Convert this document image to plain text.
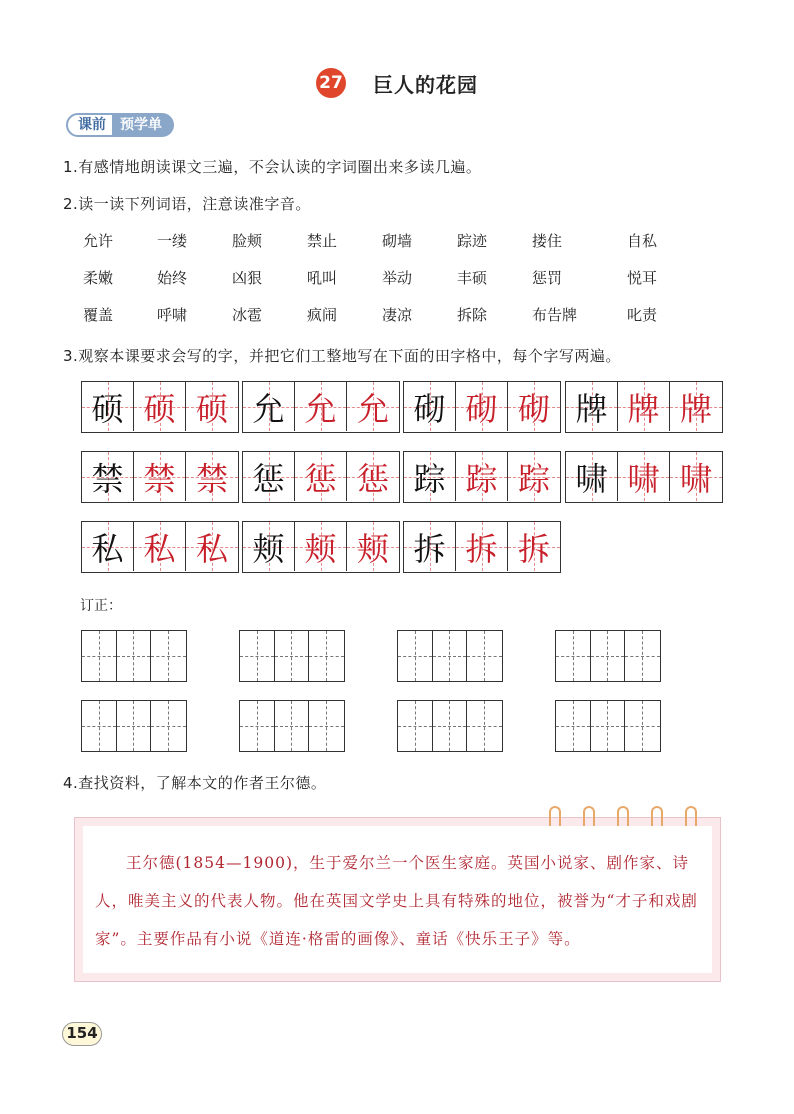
27 巨人的花园
课前	预学单
1.有感情地朗读课文三遍，不会认读的字词圈出来多读几遍。
2.读一读下列词语，注意读准字音。
允许	一缕	脸颊	禁止	砌墙	踪迹	搂住	自私
柔嫩	始终	凶狠	吼叫	举动	丰硕	惩罚	悦耳
覆盖	呼啸	冰雹	疯闹	凄凉	拆除	布告牌	叱责
3.观察本课要求会写的字，并把它们工整地写在下面的田字格中，每个字写两遍。
硕 硕 硕 允 允 允 砌 砌 砌 牌 牌 牌
禁 禁 禁 惩 惩 惩 踪 踪 踪 啸 啸 啸
私 私 私 颊 颊 颊 拆 拆 拆
订正：
4.查找资料，了解本文的作者王尔德。
王尔德(1854—1900)，生于爱尔兰一个医生家庭。英国小说家、剧作家、诗人，唯美主义的代表人物。他在英国文学史上具有特殊的地位，被誉为“才子和戏剧家”。主要作品有小说《道连·格雷的画像》、童话《快乐王子》等。
154
